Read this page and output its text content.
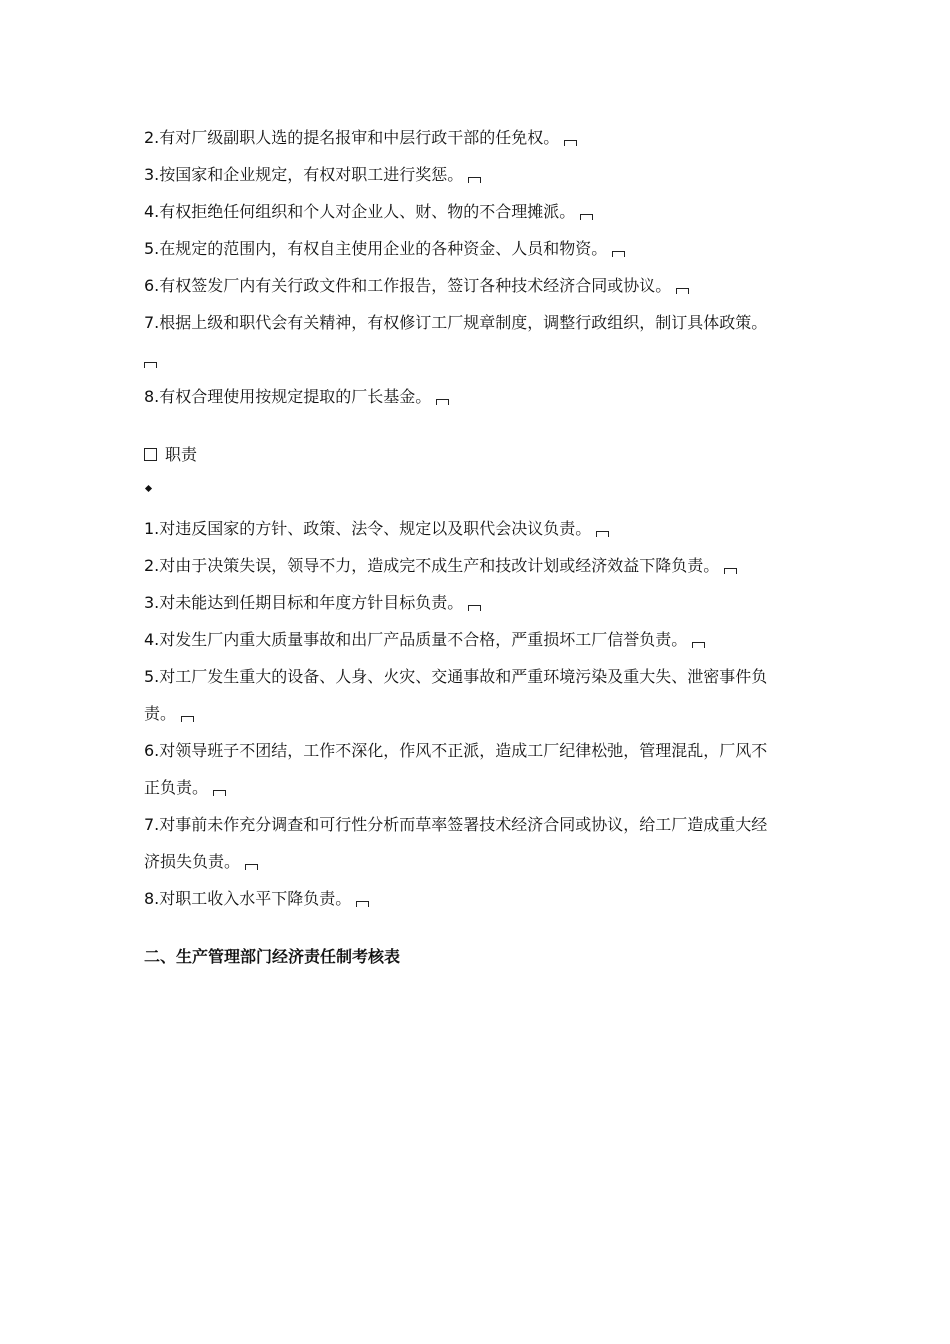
2.有对厂级副职人选的提名报审和中层行政干部的任免权。
3.按国家和企业规定，有权对职工进行奖惩。
4.有权拒绝任何组织和个人对企业人、财、物的不合理摊派。
5.在规定的范围内，有权自主使用企业的各种资金、人员和物资。
6.有权签发厂内有关行政文件和工作报告，签订各种技术经济合同或协议。
7.根据上级和职代会有关精神，有权修订工厂规章制度，调整行政组织，制订具体政策。
8.有权合理使用按规定提取的厂长基金。
职责
1.对违反国家的方针、政策、法令、规定以及职代会决议负责。
2.对由于决策失误，领导不力，造成完不成生产和技改计划或经济效益下降负责。
3.对未能达到任期目标和年度方针目标负责。
4.对发生厂内重大质量事故和出厂产品质量不合格，严重损坏工厂信誉负责。
5.对工厂发生重大的设备、人身、火灾、交通事故和严重环境污染及重大失、泄密事件负
责。
6.对领导班子不团结，工作不深化，作风不正派，造成工厂纪律松弛，管理混乱，厂风不
正负责。
7.对事前未作充分调查和可行性分析而草率签署技术经济合同或协议，给工厂造成重大经
济损失负责。
8.对职工收入水平下降负责。
二、生产管理部门经济责任制考核表
